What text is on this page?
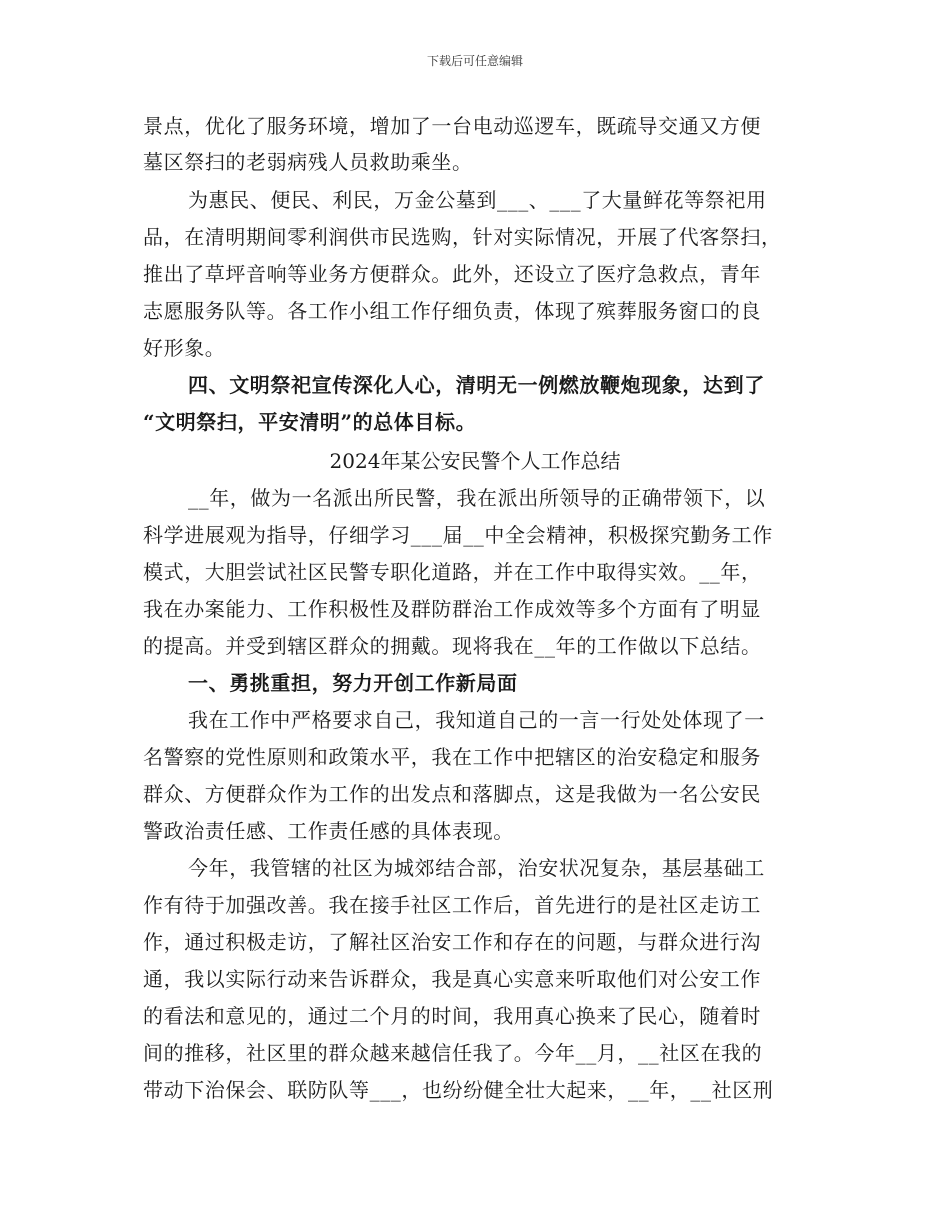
下载后可任意编辑
景点，优化了服务环境，增加了一台电动巡逻车，既疏导交通又方便
墓区祭扫的老弱病残人员救助乘坐。
为惠民、便民、利民，万金公墓到___、___了大量鲜花等祭祀用
品，在清明期间零利润供市民选购，针对实际情况，开展了代客祭扫，
推出了草坪音响等业务方便群众。此外，还设立了医疗急救点，青年
志愿服务队等。各工作小组工作仔细负责，体现了殡葬服务窗口的良
好形象。
四、文明祭祀宣传深化人心，清明无一例燃放鞭炮现象，达到了
“文明祭扫，平安清明”的总体目标。
2024年某公安民警个人工作总结
__年，做为一名派出所民警，我在派出所领导的正确带领下，以
科学进展观为指导，仔细学习___届__中全会精神，积极探究勤务工作
模式，大胆尝试社区民警专职化道路，并在工作中取得实效。__年，
我在办案能力、工作积极性及群防群治工作成效等多个方面有了明显
的提高。并受到辖区群众的拥戴。现将我在__年的工作做以下总结。
一、勇挑重担，努力开创工作新局面
我在工作中严格要求自己，我知道自己的一言一行处处体现了一
名警察的党性原则和政策水平，我在工作中把辖区的治安稳定和服务
群众、方便群众作为工作的出发点和落脚点，这是我做为一名公安民
警政治责任感、工作责任感的具体表现。
今年，我管辖的社区为城郊结合部，治安状况复杂，基层基础工
作有待于加强改善。我在接手社区工作后，首先进行的是社区走访工
作，通过积极走访，了解社区治安工作和存在的问题，与群众进行沟
通，我以实际行动来告诉群众，我是真心实意来听取他们对公安工作
的看法和意见的，通过二个月的时间，我用真心换来了民心，随着时
间的推移，社区里的群众越来越信任我了。今年__月，__社区在我的
带动下治保会、联防队等___，也纷纷健全壮大起来，__年，__社区刑
